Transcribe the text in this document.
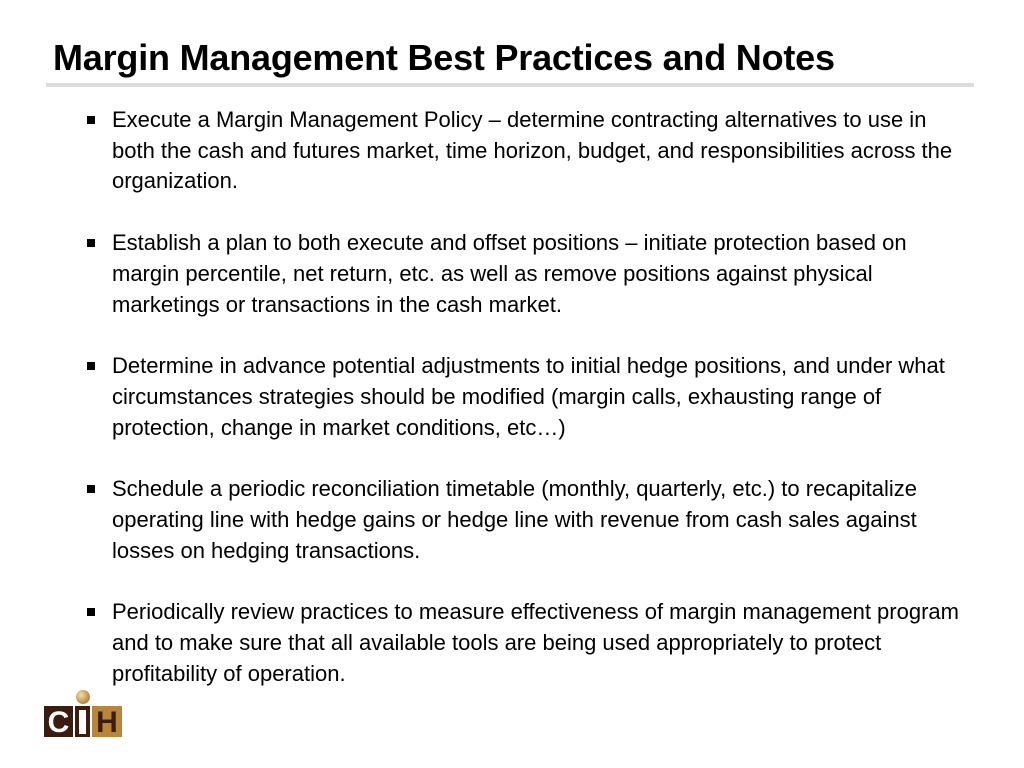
Margin Management Best Practices and Notes
Execute a Margin Management Policy – determine contracting alternatives to use in both the cash and futures market, time horizon, budget, and responsibilities across the organization.
Establish a plan to both execute and offset positions – initiate protection based on margin percentile, net return, etc. as well as remove positions against physical marketings or transactions in the cash market.
Determine in advance potential adjustments to initial hedge positions, and under what circumstances strategies should be modified (margin calls, exhausting range of protection, change in market conditions, etc…)
Schedule a periodic reconciliation timetable (monthly, quarterly, etc.) to recapitalize operating line with hedge gains or hedge line with revenue from cash sales against losses on hedging transactions.
Periodically review practices to measure effectiveness of margin management program and to make sure that all available tools are being used appropriately to protect profitability of operation.
C H
